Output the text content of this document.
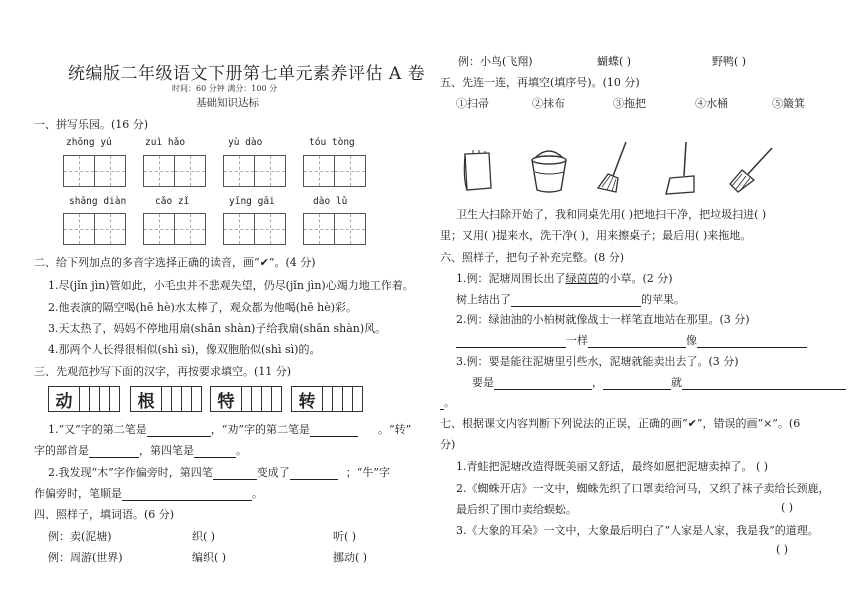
统编版二年级语文下册第七单元素养评估 A 卷
时间：60 分钟 满分：100 分
基础知识达标
一、拼写乐园。(16 分)
zhōng yú	zuì hǎo	yù dào	tóu tòng
shāng diàn	cǎo zǐ	yīng gāi	dào lǔ
二、给下列加点的多音字选择正确的读音，画“✔”。(4 分)
1.尽(jǐn jìn)管如此，小毛虫并不悲观失望，仍尽(jǐn jìn)心竭力地工作着。
2.他表演的隔空喝(hē hè)水太棒了，观众都为他喝(hē hè)彩。
3.天太热了，妈妈不停地用扇(shān shàn)子给我扇(shān shàn)风。
4.那两个人长得很相似(shì sì)，像双胞胎似(shì sì)的。
三、先观范抄写下面的汉字，再按要求填空。(11 分)
动	根	特	转
1.“又”字的第二笔是	，“劝”字的第二笔是	。“转”
字的部首是	，第四笔是	。
2.我发现“木”字作偏旁时，第四笔	变成了	；“牛”字
作偏旁时，笔顺是	。
四、照样子，填词语。(6 分)
例：卖(泥塘)	织( )	听( )
例：周游(世界)	编织( )	挪动( )
例：小鸟(飞翔)	蝴蝶( )	野鸭( )
五、先连一连，再填空(填序号)。(10 分)
①扫帚	②抹布	③拖把	④水桶	⑤簸箕
卫生大扫除开始了，我和同桌先用( )把地扫干净，把垃圾扫进( )
里；又用( )提来水，洗干净( )，用来擦桌子；最后用( )来拖地。
六、照样子，把句子补充完整。(8 分)
1.例：泥塘周围长出了绿茵茵的小草。(2 分)
树上结出了	的苹果。
2.例：绿油油的小柏树就像战士一样笔直地站在那里。(3 分)
一样	像
3.例：要是能往泥塘里引些水，泥塘就能卖出去了。(3 分)
要是	，	就
。
七、根据课文内容判断下列说法的正误，正确的画“✔”，错误的画“×”。(6
分)
1.青蛙把泥塘改造得既美丽又舒适，最终如愿把泥塘卖掉了。 ( )
2.《蜘蛛开店》一文中，蜘蛛先织了口罩卖给河马，又织了袜子卖给长颈鹿，
最后织了围巾卖给蜈蚣。	( )
3.《大象的耳朵》一文中，大象最后明白了“人家是人家，我是我”的道理。
( )
